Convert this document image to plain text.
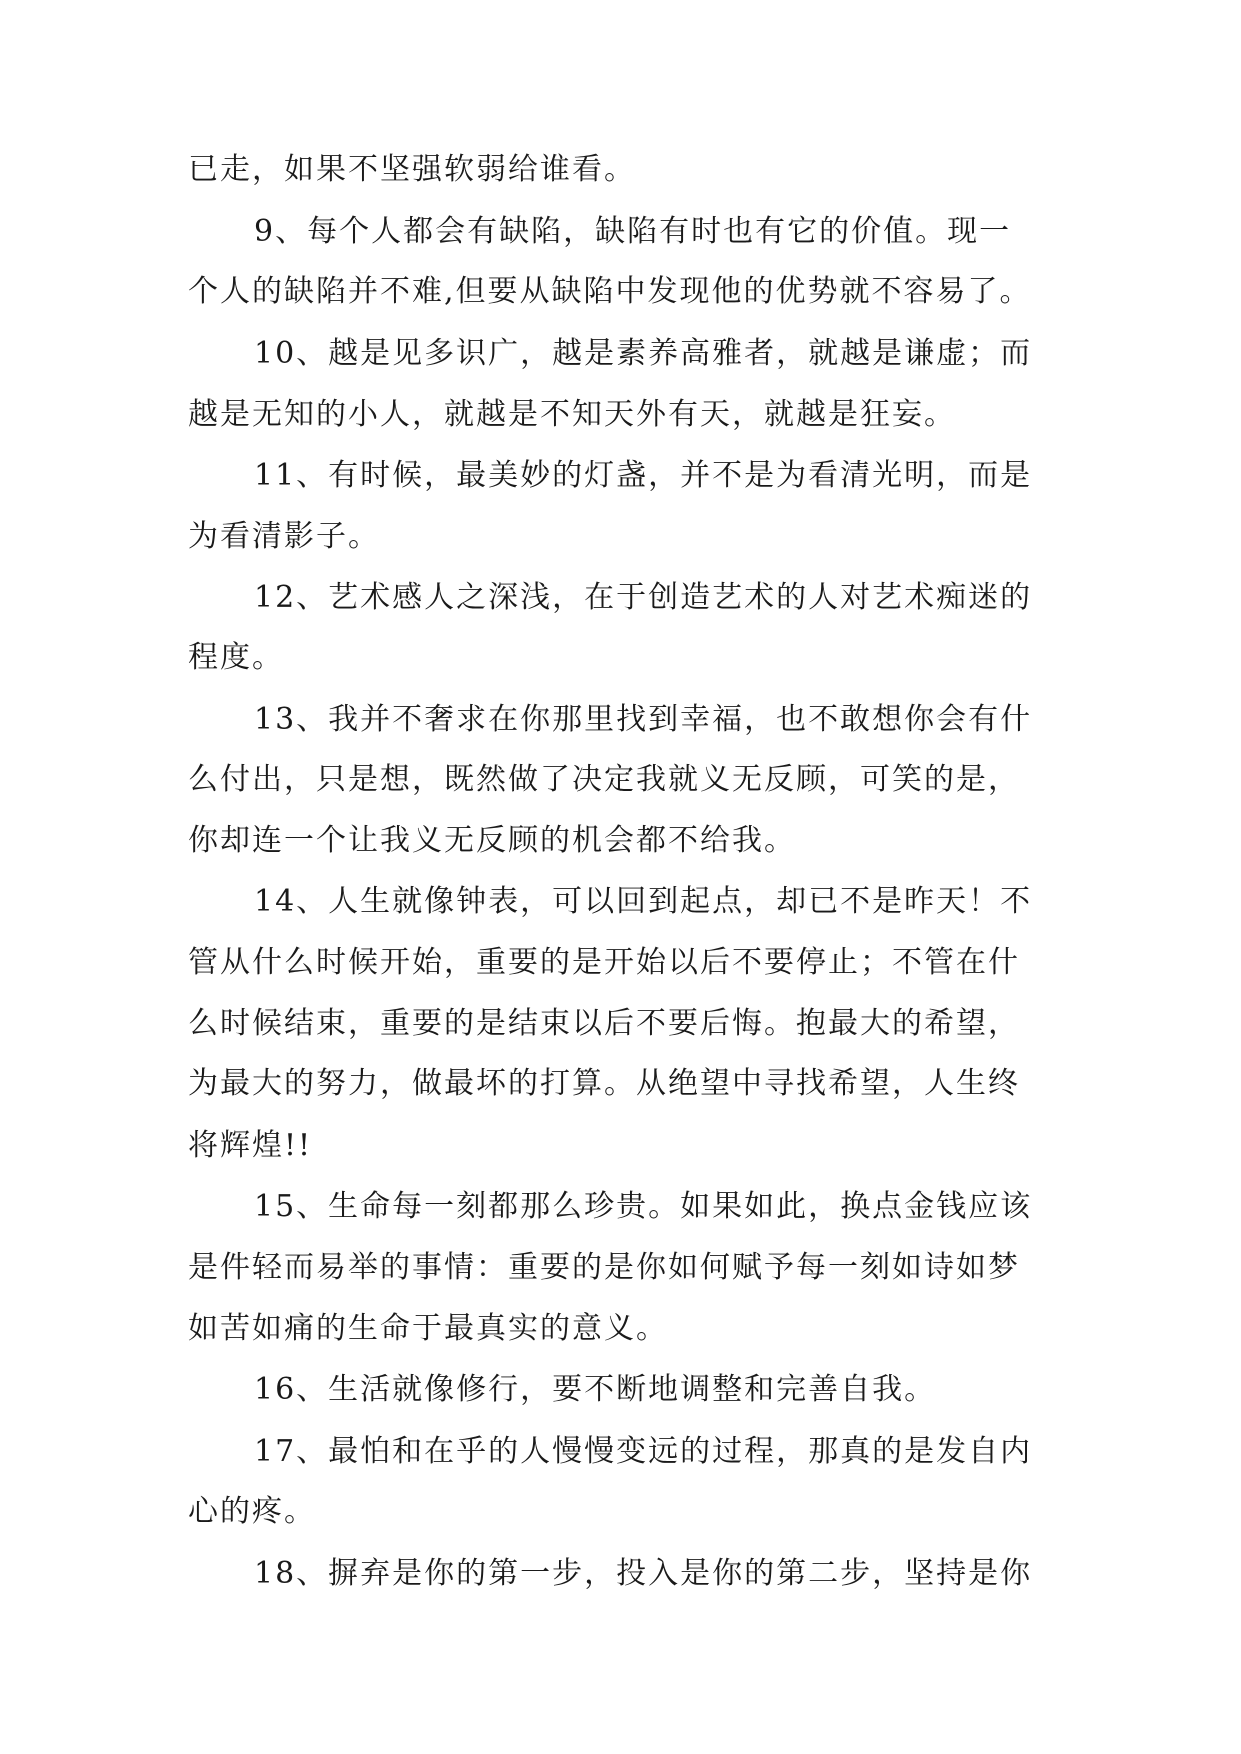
已走，如果不坚强软弱给谁看。
9、每个人都会有缺陷，缺陷有时也有它的价值。现一
个人的缺陷并不难,但要从缺陷中发现他的优势就不容易了。
10、越是见多识广，越是素养高雅者，就越是谦虚；而
越是无知的小人，就越是不知天外有天，就越是狂妄。
11、有时候，最美妙的灯盏，并不是为看清光明，而是
为看清影子。
12、艺术感人之深浅，在于创造艺术的人对艺术痴迷的
程度。
13、我并不奢求在你那里找到幸福，也不敢想你会有什
么付出，只是想，既然做了决定我就义无反顾，可笑的是，
你却连一个让我义无反顾的机会都不给我。
14、人生就像钟表，可以回到起点，却已不是昨天！不
管从什么时候开始，重要的是开始以后不要停止；不管在什
么时候结束，重要的是结束以后不要后悔。抱最大的希望，
为最大的努力，做最坏的打算。从绝望中寻找希望，人生终
将辉煌!!
15、生命每一刻都那么珍贵。如果如此，换点金钱应该
是件轻而易举的事情：重要的是你如何赋予每一刻如诗如梦
如苦如痛的生命于最真实的意义。
16、生活就像修行，要不断地调整和完善自我。
17、最怕和在乎的人慢慢变远的过程，那真的是发自内
心的疼。
18、摒弃是你的第一步，投入是你的第二步，坚持是你
